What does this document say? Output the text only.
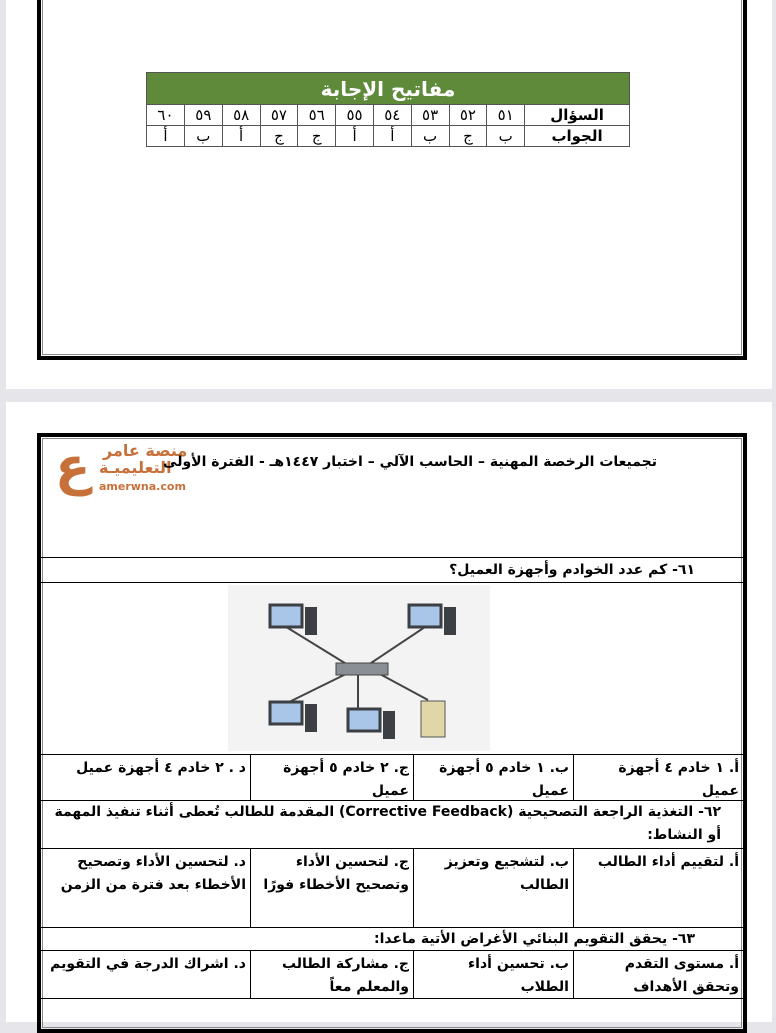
مفاتيح الإجابة										
السؤال	٥١	٥٢	٥٣	٥٤	٥٥	٥٦	٥٧	٥٨	٥٩	٦٠
الجواب	ب	ج	ب	أ	أ	ج	ج	أ	ب	أ
ع منصة عامر
التعليميـة
amerwna.com
تجميعات الرخصة المهنية – الحاسب الآلي – اختبار ١٤٤٧هـ - الفترة الأولى
٦١- كم عدد الخوادم وأجهزة العميل؟
أ. ١ خادم ٤ أجهزة عميل
ب. ١ خادم ٥ أجهزة عميل
ج. ٢ خادم ٥ أجهزة عميل
د . ٢ خادم ٤ أجهزة عميل
٦٢- التغذية الراجعة التصحيحية (Corrective Feedback) المقدمة للطالب تُعطى أثناء تنفيذ المهمة أو النشاط:
أ. لتقييم أداء الطالب
ب. لتشجيع وتعزيز الطالب
ج. لتحسين الأداء وتصحيح الأخطاء فورًا
د. لتحسين الأداء وتصحيح الأخطاء بعد فترة من الزمن
٦٣- يحقق التقويم البنائي الأغراض الأتية ماعدا:
أ. مستوى التقدم وتحقق الأهداف
ب. تحسين أداء الطلاب
ج. مشاركة الطالب والمعلم معاً
د. اشراك الدرجة في التقويم
